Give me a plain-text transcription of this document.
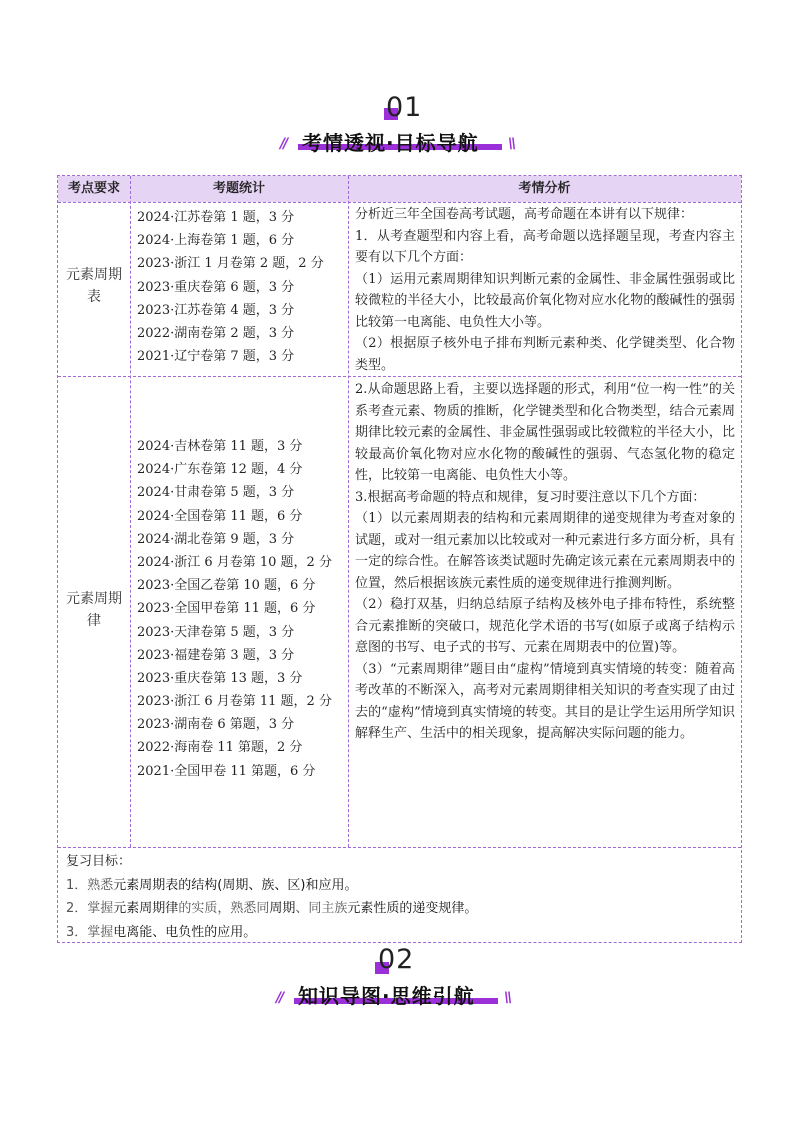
01
// 考情透视·目标导航 \\
考点要求	考题统计	考情分析
元素周期表
2024·江苏卷第 1 题，3 分
2024·上海卷第 1 题，6 分
2023·浙江 1 月卷第 2 题，2 分
2023·重庆卷第 6 题，3 分
2023·江苏卷第 4 题，3 分
2022·湖南卷第 2 题，3 分
2021·辽宁卷第 7 题，3 分

分析近三年全国卷高考试题，高考命题在本讲有以下规律：

1．从考查题型和内容上看，高考命题以选择题呈现，考查内容主要有以下几个方面：

（1）运用元素周期律知识判断元素的金属性、非金属性强弱或比较微粒的半径大小，比较最高价氧化物对应水化物的酸碱性的强弱比较第一电离能、电负性大小等。

（2）根据原子核外电子排布判断元素种类、化学键类型、化合物类型。

元素周期律
2024·吉林卷第 11 题，3 分
2024·广东卷第 12 题，4 分
2024·甘肃卷第 5 题，3 分
2024·全国卷第 11 题，6 分
2024·湖北卷第 9 题，3 分
2024·浙江 6 月卷第 10 题，2 分
2023·全国乙卷第 10 题，6 分
2023·全国甲卷第 11 题，6 分
2023·天津卷第 5 题，3 分
2023·福建卷第 3 题，3 分
2023·重庆卷第 13 题，3 分
2023·浙江 6 月卷第 11 题，2 分
2023·湖南卷 6 第题，3 分
2022·海南卷 11 第题，2 分
2021·全国甲卷 11 第题，6 分

2.从命题思路上看，主要以选择题的形式，利用“位一构一性”的关系考查元素、物质的推断，化学键类型和化合物类型，结合元素周期律比较元素的金属性、非金属性强弱或比较微粒的半径大小，比较最高价氧化物对应水化物的酸碱性的强弱、气态氢化物的稳定性，比较第一电离能、电负性大小等。

3.根据高考命题的特点和规律，复习时要注意以下几个方面：

（1）以元素周期表的结构和元素周期律的递变规律为考查对象的试题，或对一组元素加以比较或对一种元素进行多方面分析，具有一定的综合性。在解答该类试题时先确定该元素在元素周期表中的位置，然后根据该族元素性质的递变规律进行推测判断。

（2）稳打双基，归纳总结原子结构及核外电子排布特性，系统整合元素推断的突破口，规范化学术语的书写(如原子或离子结构示意图的书写、电子式的书写、元素在周期表中的位置)等。

（3）“元素周期律”题目由“虚构”情境到真实情境的转变：随着高考改革的不断深入，高考对元素周期律相关知识的考查实现了由过去的“虚构”情境到真实情境的转变。其目的是让学生运用所学知识解释生产、生活中的相关现象，提高解决实际问题的能力。

复习目标：
1．熟悉元素周期表的结构(周期、族、区)和应用。
2．掌握元素周期律的实质，熟悉同周期、同主族元素性质的递变规律。
3．掌握电离能、电负性的应用。
02
// 知识导图·思维引航 \\
